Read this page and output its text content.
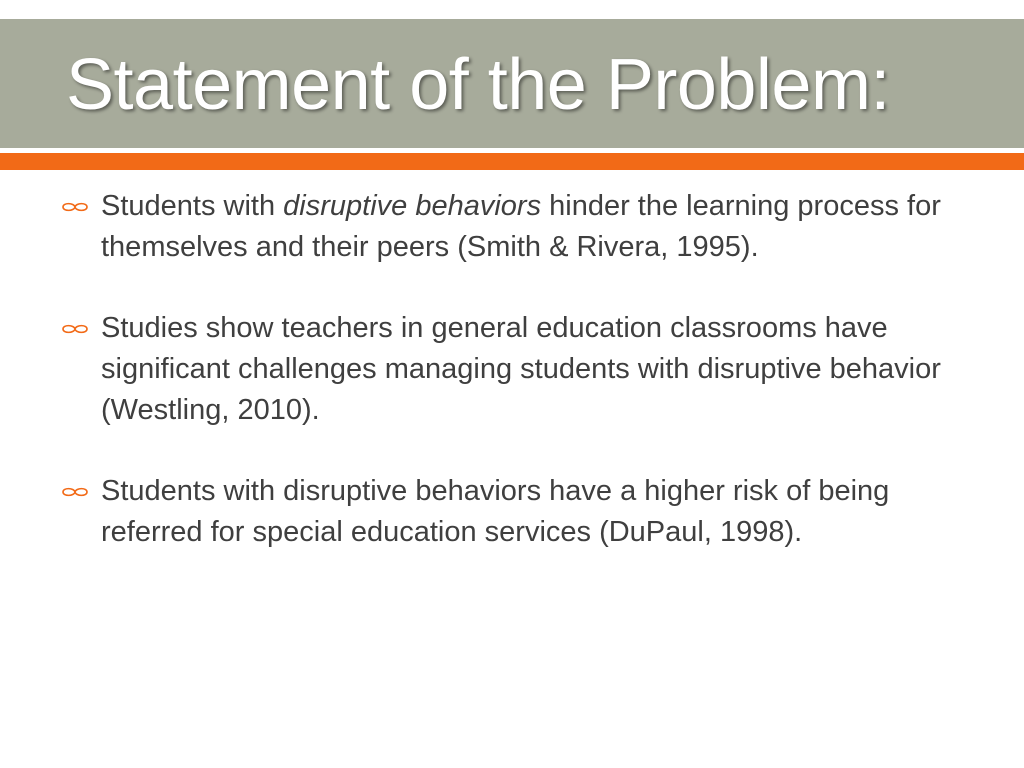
Statement of the Problem:
Students with disruptive behaviors hinder the learning process for themselves and their peers (Smith & Rivera, 1995).
Studies show teachers in general education classrooms have significant challenges managing students with disruptive behavior (Westling, 2010).
Students with disruptive behaviors have a higher risk of being referred for special education services (DuPaul, 1998).
